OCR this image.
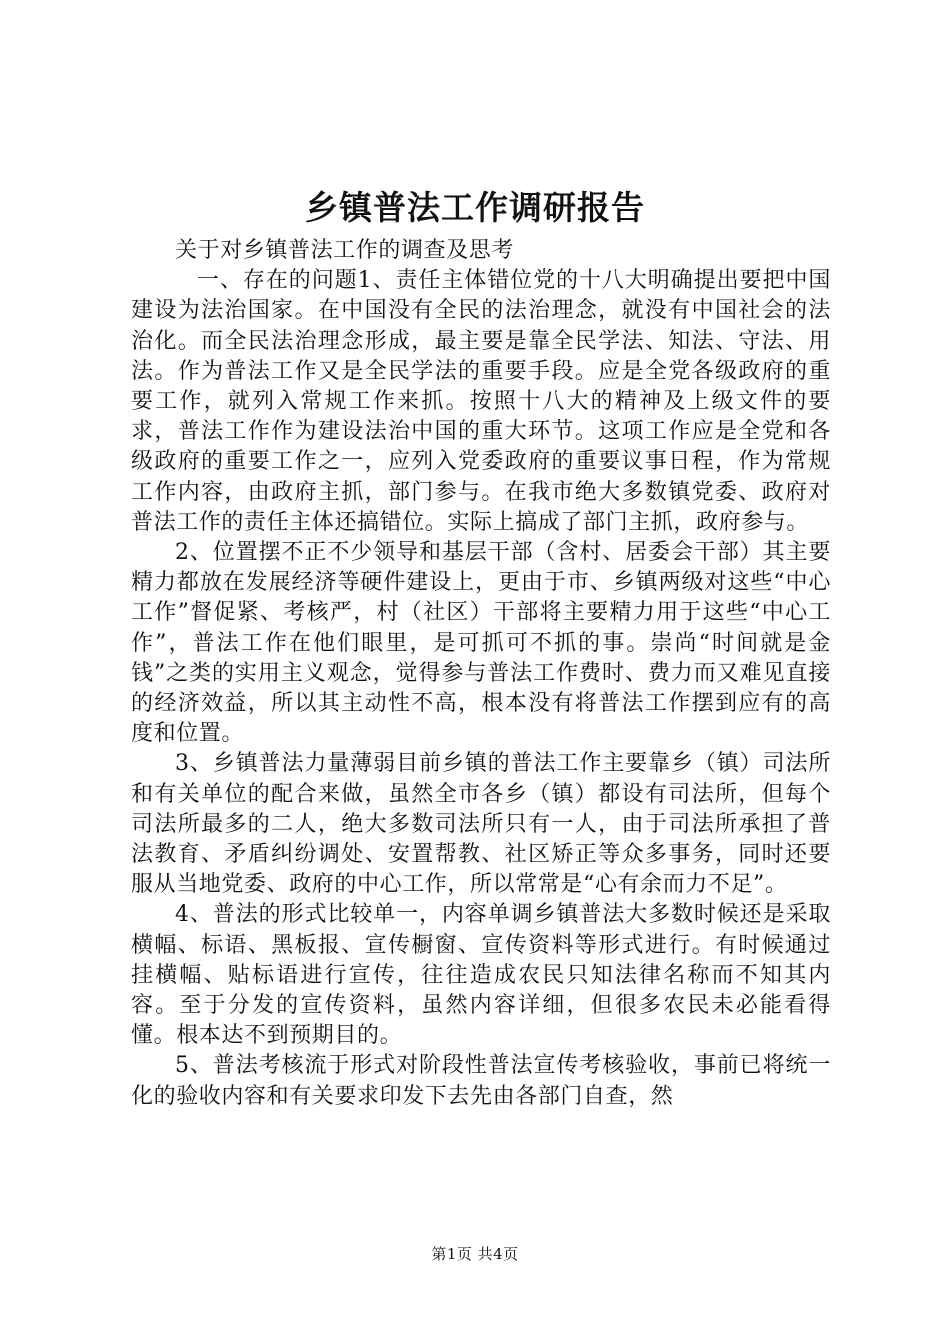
乡镇普法工作调研报告

关于对乡镇普法工作的调查及思考

一、存在的问题1、责任主体错位党的十八大明确提出要把中国建设为法治国家。在中国没有全民的法治理念，就没有中国社会的法治化。而全民法治理念形成，最主要是靠全民学法、知法、守法、用法。作为普法工作又是全民学法的重要手段。应是全党各级政府的重要工作，就列入常规工作来抓。按照十八大的精神及上级文件的要求，普法工作作为建设法治中国的重大环节。这项工作应是全党和各级政府的重要工作之一，应列入党委政府的重要议事日程，作为常规工作内容，由政府主抓，部门参与。在我市绝大多数镇党委、政府对普法工作的责任主体还搞错位。实际上搞成了部门主抓，政府参与。

2、位置摆不正不少领导和基层干部（含村、居委会干部）其主要精力都放在发展经济等硬件建设上，更由于市、乡镇两级对这些“中心工作”督促紧、考核严，村（社区）干部将主要精力用于这些“中心工作”，普法工作在他们眼里，是可抓可不抓的事。崇尚“时间就是金钱”之类的实用主义观念，觉得参与普法工作费时、费力而又难见直接的经济效益，所以其主动性不高，根本没有将普法工作摆到应有的高度和位置。

3、乡镇普法力量薄弱目前乡镇的普法工作主要靠乡（镇）司法所和有关单位的配合来做，虽然全市各乡（镇）都设有司法所，但每个司法所最多的二人，绝大多数司法所只有一人，由于司法所承担了普法教育、矛盾纠纷调处、安置帮教、社区矫正等众多事务，同时还要服从当地党委、政府的中心工作，所以常常是“心有余而力不足”。

4、普法的形式比较单一，内容单调乡镇普法大多数时候还是采取横幅、标语、黑板报、宣传橱窗、宣传资料等形式进行。有时候通过挂横幅、贴标语进行宣传，往往造成农民只知法律名称而不知其内容。至于分发的宣传资料，虽然内容详细，但很多农民未必能看得懂。根本达不到预期目的。

5、普法考核流于形式对阶段性普法宣传考核验收，事前已将统一化的验收内容和有关要求印发下去先由各部门自查，然

第1页 共4页
